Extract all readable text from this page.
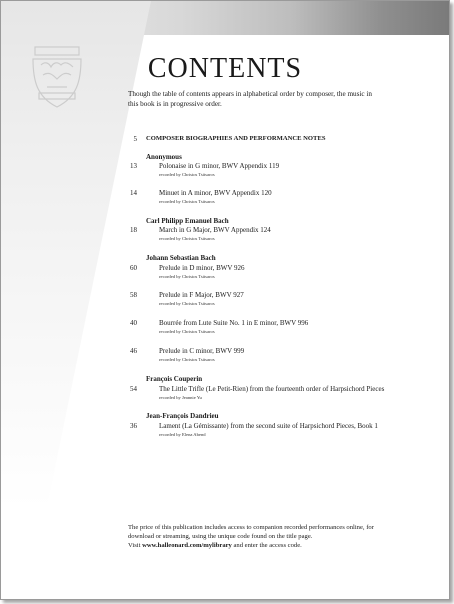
CONTENTS
Though the table of contents appears in alphabetical order by composer, the music in this book is in progressive order.
5 COMPOSER BIOGRAPHIES AND PERFORMANCE NOTES
Anonymous
13	Polonaise in G minor, BWV Appendix 119
recorded by Christos Tsitsaros
14	Minuet in A minor, BWV Appendix 120
recorded by Christos Tsitsaros
Carl Philipp Emanuel Bach
18	March in G Major, BWV Appendix 124
recorded by Christos Tsitsaros
Johann Sebastian Bach
60	Prelude in D minor, BWV 926
recorded by Christos Tsitsaros
58	Prelude in F Major, BWV 927
recorded by Christos Tsitsaros
40	Bourrée from Lute Suite No. 1 in E minor, BWV 996
recorded by Christos Tsitsaros
46	Prelude in C minor, BWV 999
recorded by Christos Tsitsaros
François Couperin
54	The Little Trifle (Le Petit-Rien) from the fourteenth order of Harpsichord Pieces
recorded by Jeannie Yu
Jean-François Dandrieu
36	Lament (La Gémissante) from the second suite of Harpsichord Pieces, Book 1
recorded by Elena Abend
The price of this publication includes access to companion recorded performances online, for download or streaming, using the unique code found on the title page.
Visit www.halleonard.com/mylibrary and enter the access code.
